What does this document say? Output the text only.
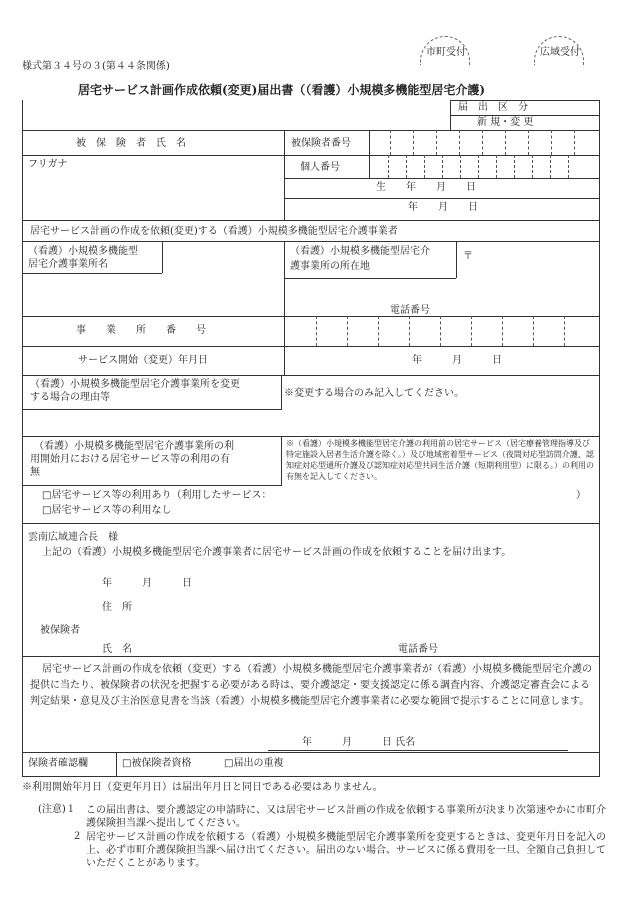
様式第３４号の３(第４４条関係)
市町受付	広域受付
居宅サービス計画作成依頼(変更)届出書（（看護）小規模多機能型居宅介護)
届　出　区　分
新 規・変 更
被　保　険　者　氏　名	被保険者番号
フリガナ	個人番号
生　　年　　月　　日
年　　月　　日
居宅サービス計画の作成を依頼(変更)する（看護）小規模多機能型居宅介護事業者
（看護）小規模多機能型
居宅介護事業所名
（看護）小規模多機能型居宅介
護事業所の所在地
〒
電話番号
事　　業　　所　　番　　号
サービス開始（変更）年月日	年　　　月　　　日
（看護）小規模多機能型居宅介護事業所を変更
する場合の理由等	※変更する場合のみ記入してください。
（看護）小規模多機能型居宅介護事業所の利
用開始月における居宅サービス等の利用の有
無
※（看護）小規模多機能型居宅介護の利用前の居宅サービス（居宅療養管理指導及び特定施設入居者生活介護を除く。）及び地域密着型サービス（夜間対応型訪問介護、認知症対応型通所介護及び認知症対応型共同生活介護（短期利用型）に限る。）の利用の有無を記入してください。
□居宅サービス等の利用あり（利用したサービス：	）
□居宅サービス等の利用なし
雲南広域連合長　様
上記の（看護）小規模多機能型居宅介護事業者に居宅サービス計画の作成を依頼することを届け出ます。
年　　　月　　　日
住　所
被保険者
氏　名	電話番号
居宅サービス計画の作成を依頼（変更）する（看護）小規模多機能型居宅介護事業者が（看護）小規模多機能型居宅介護の提供に当たり、被保険者の状況を把握する必要がある時は、要介護認定・要支援認定に係る調査内容、介護認定審査会による判定結果・意見及び主治医意見書を当該（看護）小規模多機能型居宅介護事業者に必要な範囲で提示することに同意します。
年　　　月　　　日 氏名
保険者確認欄	□被保険者資格	□届出の重複
※利用開始年月日（変更年月日）は届出年月日と同日である必要はありません。
(注意)１ この届出書は、要介護認定の申請時に、又は居宅サービス計画の作成を依頼する事業所が決まり次第速やかに市町介護保険担当課へ提出してください。
２ 居宅サービス計画の作成を依頼する（看護）小規模多機能型居宅介護事業所を変更するときは、変更年月日を記入の上、必ず市町介護保険担当課へ届け出てください。届出のない場合、サービスに係る費用を一旦、全額自己負担していただくことがあります。
